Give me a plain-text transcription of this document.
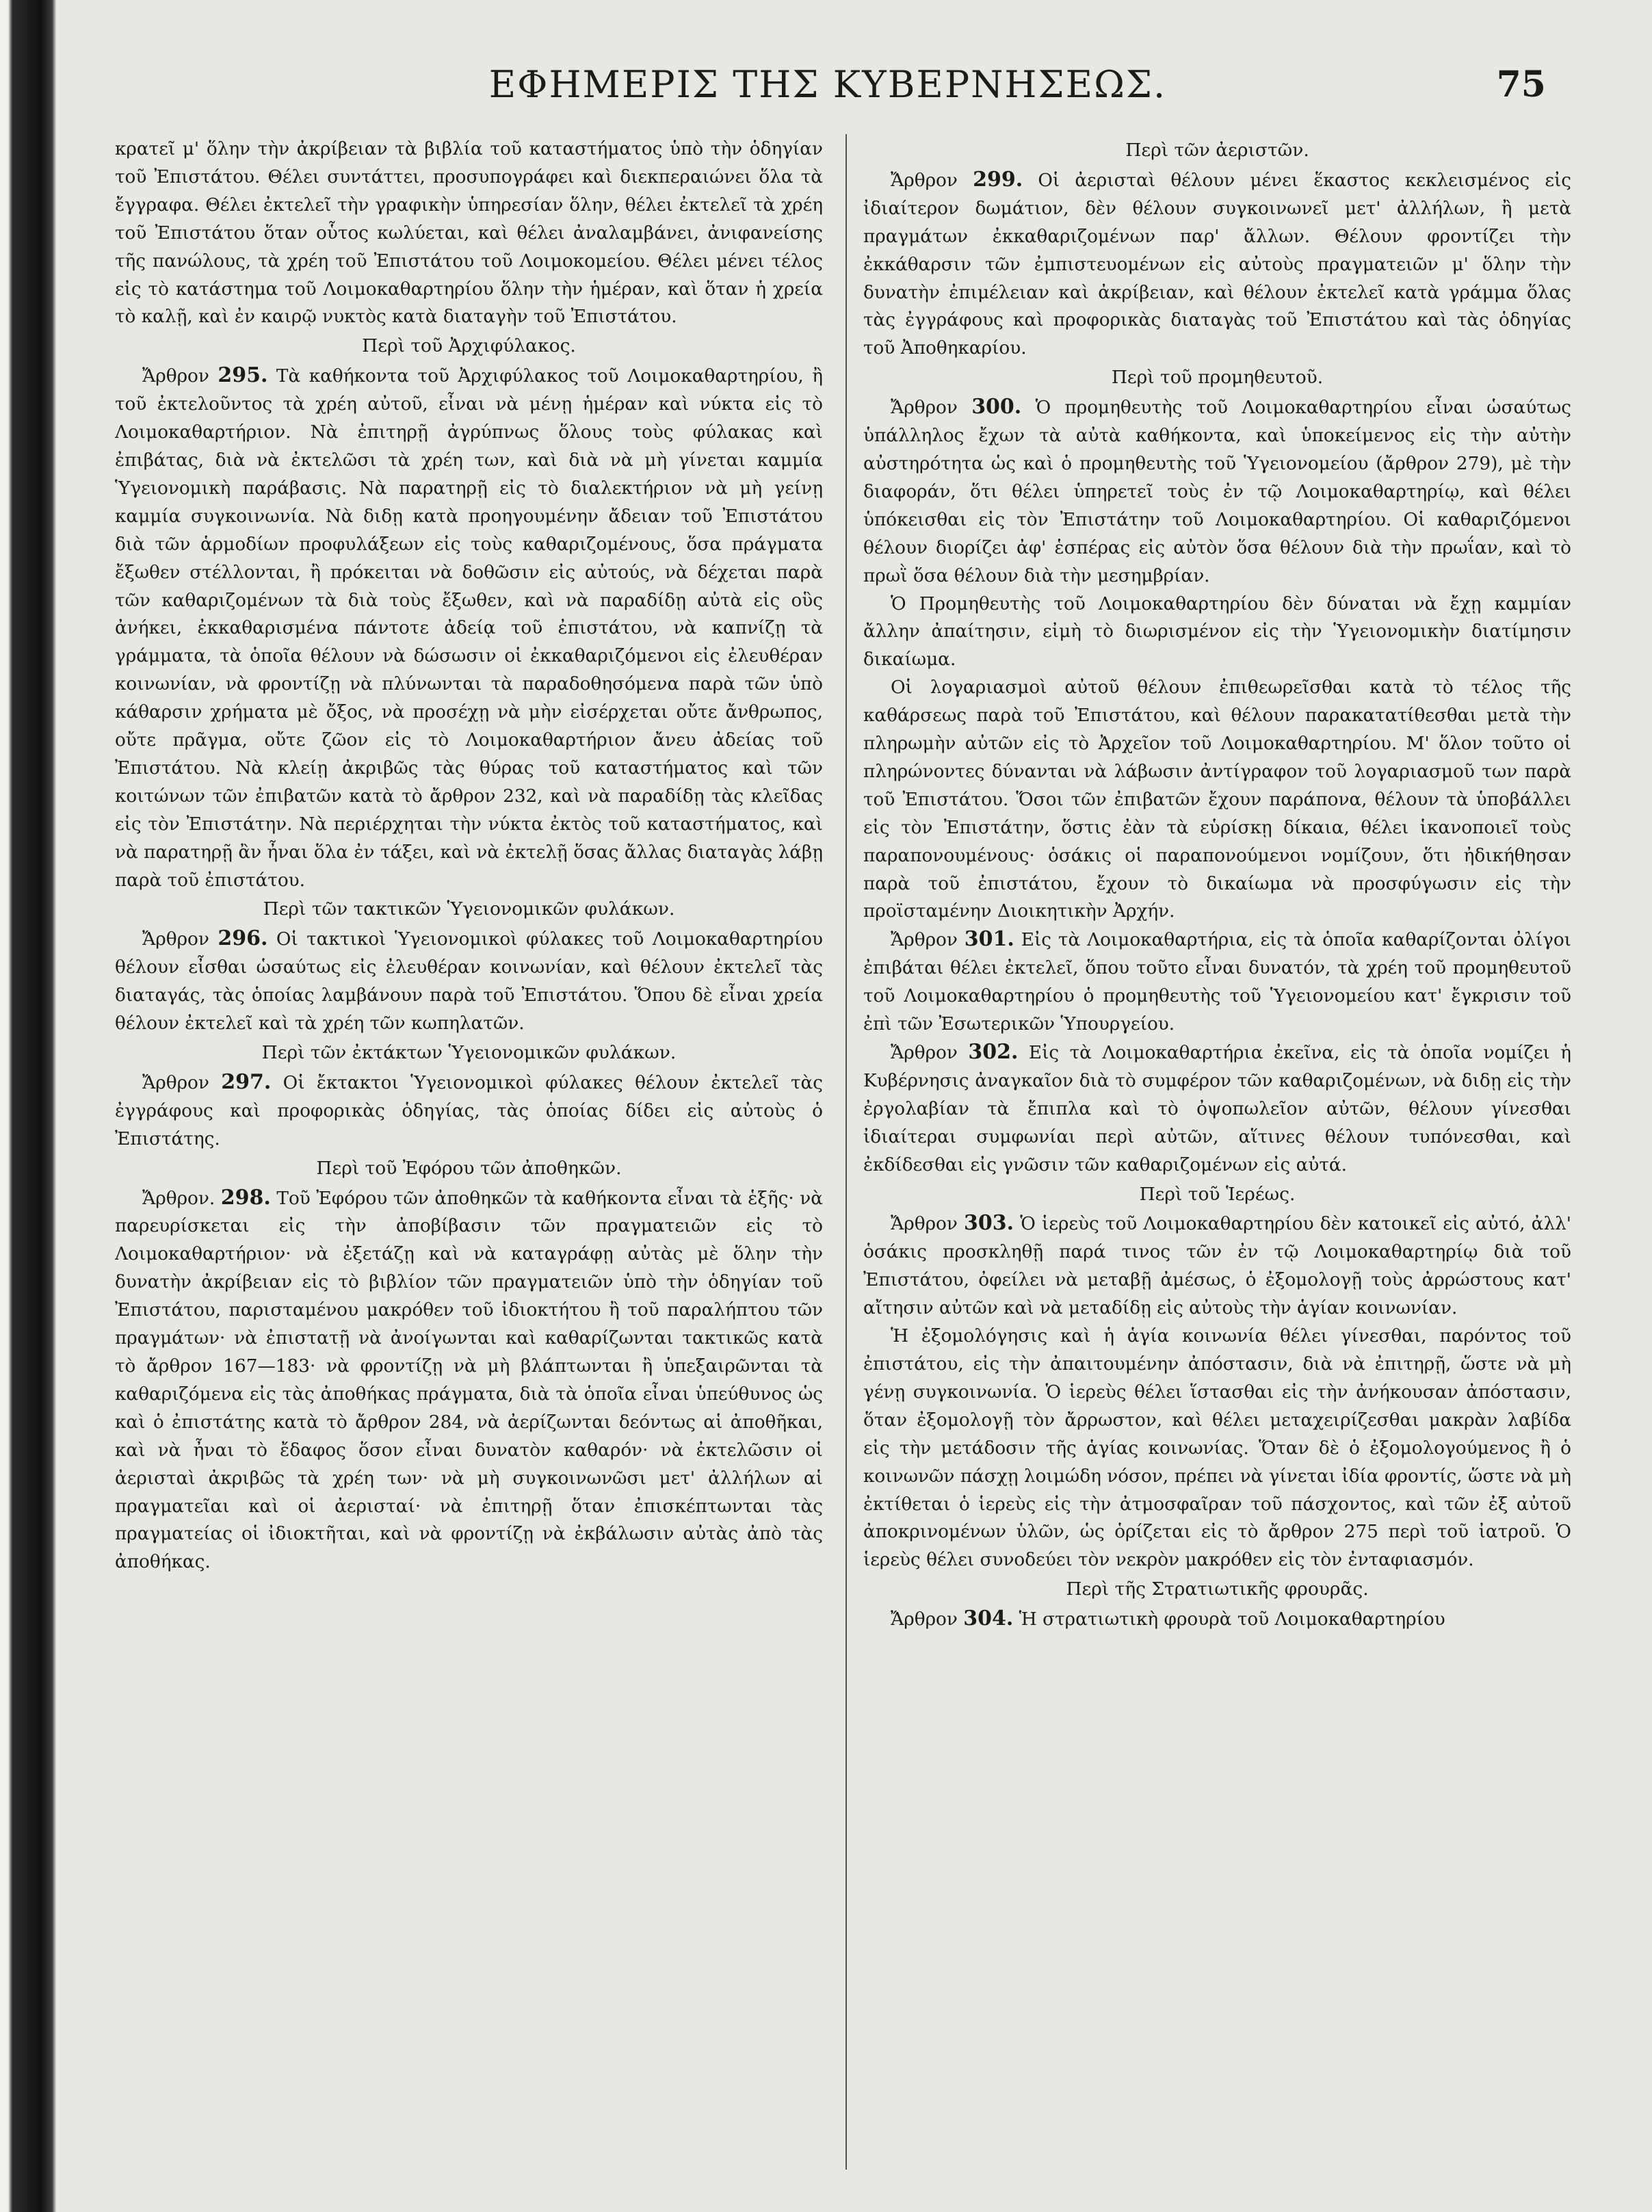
ΕΦΗΜΕΡΙΣ ΤΗΣ ΚΥΒΕΡΝΗΣΕΩΣ.	75

κρατεῖ μ' ὅλην τὴν ἀκρίβειαν τὰ βιβλία τοῦ καταστήματος ὑπὸ τὴν ὁδηγίαν τοῦ Ἐπιστάτου. Θέλει συντάττει, προσυπογράφει καὶ διεκπεραιώνει ὅλα τὰ ἔγγραφα. Θέλει ἐκτελεῖ τὴν γραφικὴν ὑπηρεσίαν ὅλην, θέλει ἐκτελεῖ τὰ χρέη τοῦ Ἐπιστάτου ὅταν οὗτος κωλύεται, καὶ θέλει ἀναλαμβάνει, ἀνιφανείσης τῆς πανώλους, τὰ χρέη τοῦ Ἐπιστάτου τοῦ Λοιμοκομείου. Θέλει μένει τέλος εἰς τὸ κατάστημα τοῦ Λοιμοκαθαρτηρίου ὅλην τὴν ἡμέραν, καὶ ὅταν ἡ χρεία τὸ καλῇ, καὶ ἐν καιρῷ νυκτὸς κατὰ διαταγὴν τοῦ Ἐπιστάτου.

Περὶ τοῦ Ἀρχιφύλακος.

Ἄρθρον 295. Τὰ καθήκοντα τοῦ Ἀρχιφύλακος τοῦ Λοιμοκαθαρτηρίου, ἢ τοῦ ἐκτελοῦντος τὰ χρέη αὐτοῦ, εἶναι νὰ μένῃ ἡμέραν καὶ νύκτα εἰς τὸ Λοιμοκαθαρτήριον. Νὰ ἐπιτηρῇ ἀγρύπνως ὅλους τοὺς φύλακας καὶ ἐπιβάτας, διὰ νὰ ἐκτελῶσι τὰ χρέη των, καὶ διὰ νὰ μὴ γίνεται καμμία Ὑγειονομικὴ παράβασις. Νὰ παρατηρῇ εἰς τὸ διαλεκτήριον νὰ μὴ γείνῃ καμμία συγκοινωνία. Νὰ διδῃ κατὰ προηγουμένην ἄδειαν τοῦ Ἐπιστάτου διὰ τῶν ἁρμοδίων προφυλάξεων εἰς τοὺς καθαριζομένους, ὅσα πράγματα ἔξωθεν στέλλονται, ἢ πρόκειται νὰ δοθῶσιν εἰς αὐτούς, νὰ δέχεται παρὰ τῶν καθαριζομένων τὰ διὰ τοὺς ἔξωθεν, καὶ νὰ παραδίδῃ αὐτὰ εἰς οὓς ἀνήκει, ἐκκαθαρισμένα πάντοτε ἀδείᾳ τοῦ ἐπιστάτου, νὰ καπνίζῃ τὰ γράμματα, τὰ ὁποῖα θέλουν νὰ δώσωσιν οἱ ἐκκαθαριζόμενοι εἰς ἐλευθέραν κοινωνίαν, νὰ φροντίζῃ νὰ πλύνωνται τὰ παραδοθησόμενα παρὰ τῶν ὑπὸ κάθαρσιν χρήματα μὲ ὄξος, νὰ προσέχῃ νὰ μὴν εἰσέρχεται οὔτε ἄνθρωπος, οὔτε πρᾶγμα, οὔτε ζῶον εἰς τὸ Λοιμοκαθαρτήριον ἄνευ ἀδείας τοῦ Ἐπιστάτου. Νὰ κλείῃ ἀκριβῶς τὰς θύρας τοῦ καταστήματος καὶ τῶν κοιτώνων τῶν ἐπιβατῶν κατὰ τὸ ἄρθρον 232, καὶ νὰ παραδίδῃ τὰς κλεῖδας εἰς τὸν Ἐπιστάτην. Νὰ περιέρχηται τὴν νύκτα ἐκτὸς τοῦ καταστήματος, καὶ νὰ παρατηρῇ ἂν ἦναι ὅλα ἐν τάξει, καὶ νὰ ἐκτελῇ ὅσας ἄλλας διαταγὰς λάβῃ παρὰ τοῦ ἐπιστάτου.

Περὶ τῶν τακτικῶν Ὑγειονομικῶν φυλάκων.

Ἄρθρον 296. Οἱ τακτικοὶ Ὑγειονομικοὶ φύλακες τοῦ Λοιμοκαθαρτηρίου θέλουν εἶσθαι ὡσαύτως εἰς ἐλευθέραν κοινωνίαν, καὶ θέλουν ἐκτελεῖ τὰς διαταγάς, τὰς ὁποίας λαμβάνουν παρὰ τοῦ Ἐπιστάτου. Ὅπου δὲ εἶναι χρεία θέλουν ἐκτελεῖ καὶ τὰ χρέη τῶν κωπηλατῶν.

Περὶ τῶν ἐκτάκτων Ὑγειονομικῶν φυλάκων.

Ἄρθρον 297. Οἱ ἔκτακτοι Ὑγειονομικοὶ φύλακες θέλουν ἐκτελεῖ τὰς ἐγγράφους καὶ προφορικὰς ὁδηγίας, τὰς ὁποίας δίδει εἰς αὐτοὺς ὁ Ἐπιστάτης.

Περὶ τοῦ Ἐφόρου τῶν ἀποθηκῶν.

Ἄρθρον. 298. Τοῦ Ἐφόρου τῶν ἀποθηκῶν τὰ καθήκοντα εἶναι τὰ ἑξῆς· νὰ παρευρίσκεται εἰς τὴν ἀποβίβασιν τῶν πραγματειῶν εἰς τὸ Λοιμοκαθαρτήριον· νὰ ἐξετάζῃ καὶ νὰ καταγράφῃ αὐτὰς μὲ ὅλην τὴν δυνατὴν ἀκρίβειαν εἰς τὸ βιβλίον τῶν πραγματειῶν ὑπὸ τὴν ὁδηγίαν τοῦ Ἐπιστάτου, παρισταμένου μακρόθεν τοῦ ἰδιοκτήτου ἢ τοῦ παραλήπτου τῶν πραγμάτων· νὰ ἐπιστατῇ νὰ ἀνοίγωνται καὶ καθαρίζωνται τακτικῶς κατὰ τὸ ἄρθρον 167—183· νὰ φροντίζῃ νὰ μὴ βλάπτωνται ἢ ὑπεξαιρῶνται τὰ καθαριζόμενα εἰς τὰς ἀποθήκας πράγματα, διὰ τὰ ὁποῖα εἶναι ὑπεύθυνος ὡς καὶ ὁ ἐπιστάτης κατὰ τὸ ἄρθρον 284, νὰ ἀερίζωνται δεόντως αἱ ἀποθῆκαι, καὶ νὰ ἦναι τὸ ἔδαφος ὅσον εἶναι δυνατὸν καθαρόν· νὰ ἐκτελῶσιν οἱ ἀερισταὶ ἀκριβῶς τὰ χρέη των· νὰ μὴ συγκοινωνῶσι μετ' ἀλλήλων αἱ πραγματεῖαι καὶ οἱ ἀερισταί· νὰ ἐπιτηρῇ ὅταν ἐπισκέπτωνται τὰς πραγματείας οἱ ἰδιοκτῆται, καὶ νὰ φροντίζῃ νὰ ἐκβάλωσιν αὐτὰς ἀπὸ τὰς ἀποθήκας.

Περὶ τῶν ἀεριστῶν.

Ἄρθρον 299. Οἱ ἀερισταὶ θέλουν μένει ἕκαστος κεκλεισμένος εἰς ἰδιαίτερον δωμάτιον, δὲν θέλουν συγκοινωνεῖ μετ' ἀλλήλων, ἢ μετὰ πραγμάτων ἐκκαθαριζομένων παρ' ἄλλων. Θέλουν φροντίζει τὴν ἐκκάθαρσιν τῶν ἐμπιστευομένων εἰς αὐτοὺς πραγματειῶν μ' ὅλην τὴν δυνατὴν ἐπιμέλειαν καὶ ἀκρίβειαν, καὶ θέλουν ἐκτελεῖ κατὰ γράμμα ὅλας τὰς ἐγγράφους καὶ προφορικὰς διαταγὰς τοῦ Ἐπιστάτου καὶ τὰς ὁδηγίας τοῦ Ἀποθηκαρίου.

Περὶ τοῦ προμηθευτοῦ.

Ἄρθρον 300. Ὁ προμηθευτὴς τοῦ Λοιμοκαθαρτηρίου εἶναι ὡσαύτως ὑπάλληλος ἔχων τὰ αὐτὰ καθήκοντα, καὶ ὑποκείμενος εἰς τὴν αὐτὴν αὐστηρότητα ὡς καὶ ὁ προμηθευτὴς τοῦ Ὑγειονομείου (ἄρθρον 279), μὲ τὴν διαφοράν, ὅτι θέλει ὑπηρετεῖ τοὺς ἐν τῷ Λοιμοκαθαρτηρίῳ, καὶ θέλει ὑπόκεισθαι εἰς τὸν Ἐπιστάτην τοῦ Λοιμοκαθαρτηρίου. Οἱ καθαριζόμενοι θέλουν διορίζει ἀφ' ἑσπέρας εἰς αὐτὸν ὅσα θέλουν διὰ τὴν πρωΐαν, καὶ τὸ πρωῒ ὅσα θέλουν διὰ τὴν μεσημβρίαν.

Ὁ Προμηθευτὴς τοῦ Λοιμοκαθαρτηρίου δὲν δύναται νὰ ἔχῃ καμμίαν ἄλλην ἀπαίτησιν, εἰμὴ τὸ διωρισμένον εἰς τὴν Ὑγειονομικὴν διατίμησιν δικαίωμα.

Οἱ λογαριασμοὶ αὐτοῦ θέλουν ἐπιθεωρεῖσθαι κατὰ τὸ τέλος τῆς καθάρσεως παρὰ τοῦ Ἐπιστάτου, καὶ θέλουν παρακατατίθεσθαι μετὰ τὴν πληρωμὴν αὐτῶν εἰς τὸ Ἀρχεῖον τοῦ Λοιμοκαθαρτηρίου. Μ' ὅλον τοῦτο οἱ πληρώνοντες δύνανται νὰ λάβωσιν ἀντίγραφον τοῦ λογαριασμοῦ των παρὰ τοῦ Ἐπιστάτου. Ὅσοι τῶν ἐπιβατῶν ἔχουν παράπονα, θέλουν τὰ ὑποβάλλει εἰς τὸν Ἐπιστάτην, ὅστις ἐὰν τὰ εὑρίσκῃ δίκαια, θέλει ἱκανοποιεῖ τοὺς παραπονουμένους· ὁσάκις οἱ παραπονούμενοι νομίζουν, ὅτι ἠδικήθησαν παρὰ τοῦ ἐπιστάτου, ἔχουν τὸ δικαίωμα νὰ προσφύγωσιν εἰς τὴν προϊσταμένην Διοικητικὴν Ἀρχήν.

Ἄρθρον 301. Εἰς τὰ Λοιμοκαθαρτήρια, εἰς τὰ ὁποῖα καθαρίζονται ὀλίγοι ἐπιβάται θέλει ἐκτελεῖ, ὅπου τοῦτο εἶναι δυνατόν, τὰ χρέη τοῦ προμηθευτοῦ τοῦ Λοιμοκαθαρτηρίου ὁ προμηθευτὴς τοῦ Ὑγειονομείου κατ' ἔγκρισιν τοῦ ἐπὶ τῶν Ἐσωτερικῶν Ὑπουργείου.

Ἄρθρον 302. Εἰς τὰ Λοιμοκαθαρτήρια ἐκεῖνα, εἰς τὰ ὁποῖα νομίζει ἡ Κυβέρνησις ἀναγκαῖον διὰ τὸ συμφέρον τῶν καθαριζομένων, νὰ διδῃ εἰς τὴν ἐργολαβίαν τὰ ἔπιπλα καὶ τὸ ὀψοπωλεῖον αὐτῶν, θέλουν γίνεσθαι ἰδιαίτεραι συμφωνίαι περὶ αὐτῶν, αἵτινες θέλουν τυπόνεσθαι, καὶ ἐκδίδεσθαι εἰς γνῶσιν τῶν καθαριζομένων εἰς αὐτά.

Περὶ τοῦ Ἱερέως.

Ἄρθρον 303. Ὁ ἱερεὺς τοῦ Λοιμοκαθαρτηρίου δὲν κατοικεῖ εἰς αὐτό, ἀλλ' ὁσάκις προσκληθῇ παρά τινος τῶν ἐν τῷ Λοιμοκαθαρτηρίῳ διὰ τοῦ Ἐπιστάτου, ὀφείλει νὰ μεταβῇ ἀμέσως, ὁ ἐξομολογῇ τοὺς ἀρρώστους κατ' αἴτησιν αὐτῶν καὶ νὰ μεταδίδῃ εἰς αὐτοὺς τὴν ἁγίαν κοινωνίαν.

Ἡ ἐξομολόγησις καὶ ἡ ἁγία κοινωνία θέλει γίνεσθαι, παρόντος τοῦ ἐπιστάτου, εἰς τὴν ἀπαιτουμένην ἀπόστασιν, διὰ νὰ ἐπιτηρῇ, ὥστε νὰ μὴ γένῃ συγκοινωνία. Ὁ ἱερεὺς θέλει ἵστασθαι εἰς τὴν ἀνήκουσαν ἀπόστασιν, ὅταν ἐξομολογῇ τὸν ἄρρωστον, καὶ θέλει μεταχειρίζεσθαι μακρὰν λαβίδα εἰς τὴν μετάδοσιν τῆς ἁγίας κοινωνίας. Ὅταν δὲ ὁ ἐξομολογούμενος ἢ ὁ κοινωνῶν πάσχῃ λοιμώδη νόσον, πρέπει νὰ γίνεται ἰδία φροντίς, ὥστε νὰ μὴ ἐκτίθεται ὁ ἱερεὺς εἰς τὴν ἀτμοσφαῖραν τοῦ πάσχοντος, καὶ τῶν ἐξ αὐτοῦ ἀποκρινομένων ὑλῶν, ὡς ὁρίζεται εἰς τὸ ἄρθρον 275 περὶ τοῦ ἰατροῦ. Ὁ ἱερεὺς θέλει συνοδεύει τὸν νεκρὸν μακρόθεν εἰς τὸν ἐνταφιασμόν.

Περὶ τῆς Στρατιωτικῆς φρουρᾶς.

Ἄρθρον 304. Ἡ στρατιωτικὴ φρουρὰ τοῦ Λοιμοκαθαρτηρίου
